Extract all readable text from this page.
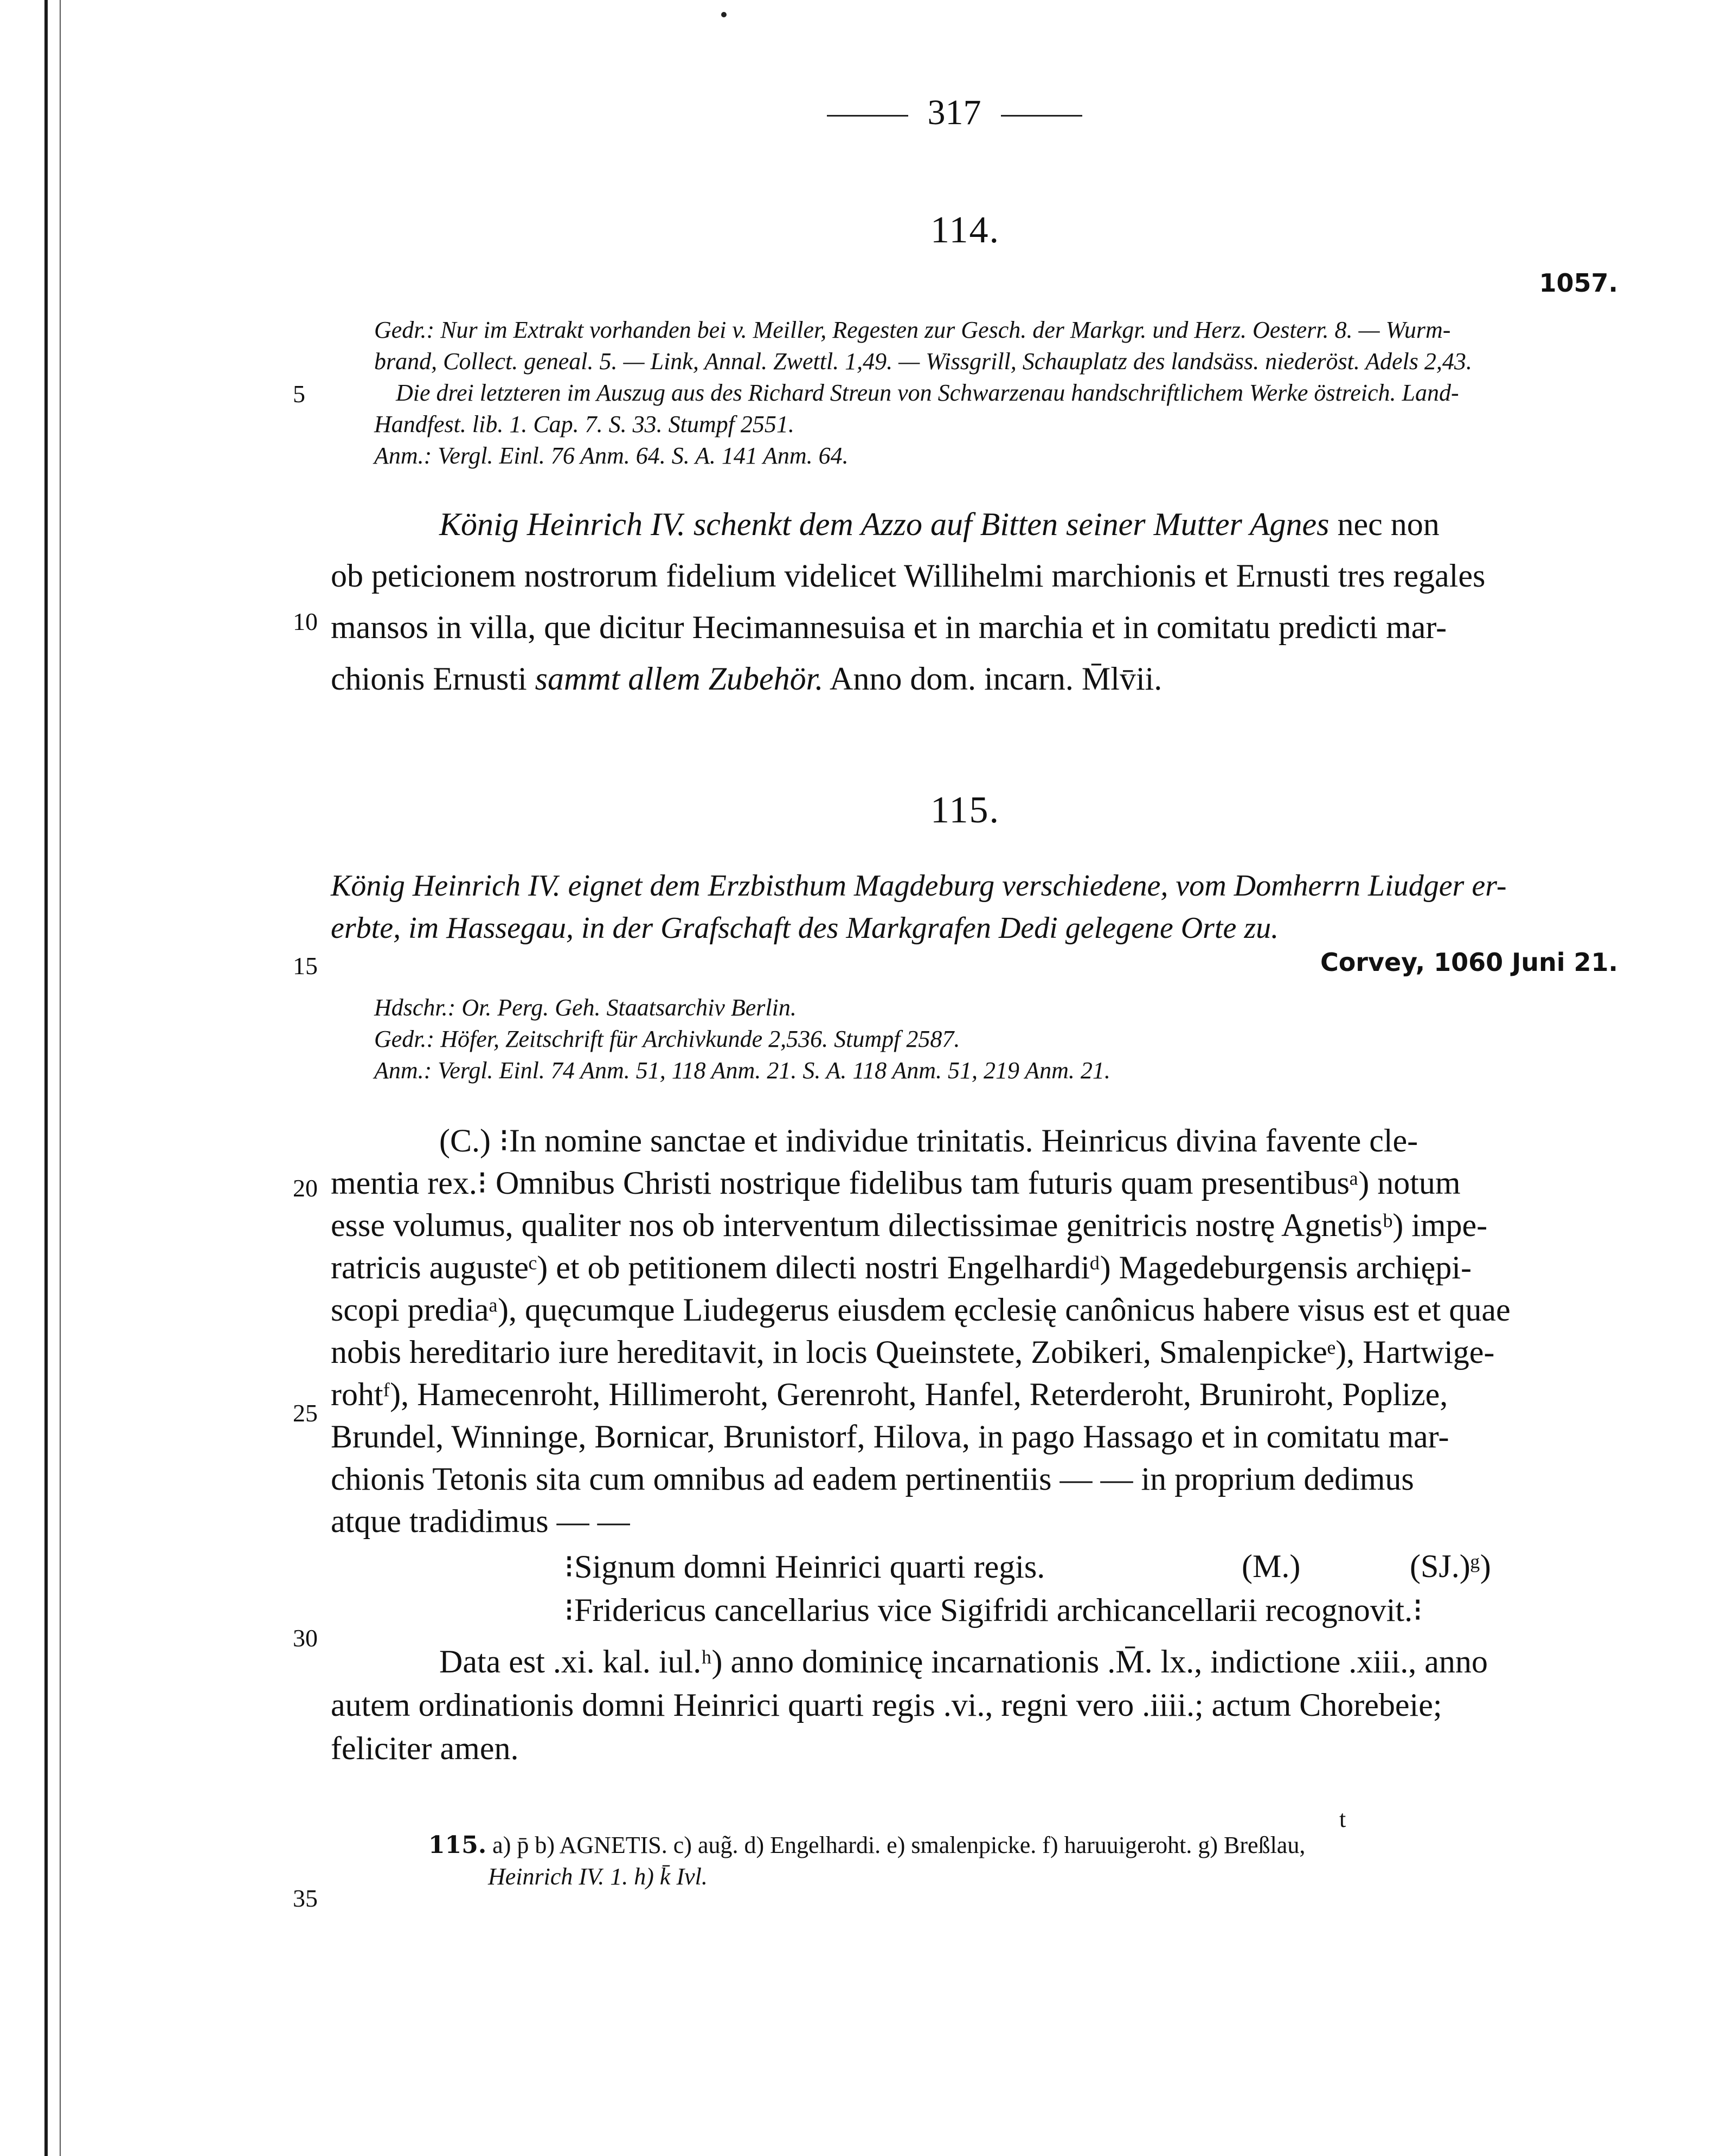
317
114.
1057.
Gedr.: Nur im Extrakt vorhanden bei v. Meiller, Regesten zur Gesch. der Markgr. und Herz. Oesterr. 8. — Wurm-
brand, Collect. geneal. 5. — Link, Annal. Zwettl. 1,49. — Wissgrill, Schauplatz des landsäss. niederöst. Adels 2,43.
Die drei letzteren im Auszug aus des Richard Streun von Schwarzenau handschriftlichem Werke östreich. Land-
Handfest. lib. 1. Cap. 7. S. 33. Stumpf 2551.
Anm.: Vergl. Einl. 76 Anm. 64. S. A. 141 Anm. 64.
König Heinrich IV. schenkt dem Azzo auf Bitten seiner Mutter Agnes nec non
ob peticionem nostrorum fidelium videlicet Willihelmi marchionis et Ernusti tres regales
mansos in villa, que dicitur Hecimannesuisa et in marchia et in comitatu predicti mar-
chionis Ernusti sammt allem Zubehör. Anno dom. incarn. M̄lv̄ii.
115.
König Heinrich IV. eignet dem Erzbisthum Magdeburg verschiedene, vom Domherrn Liudger er-
erbte, im Hassegau, in der Grafschaft des Markgrafen Dedi gelegene Orte zu.
Corvey, 1060 Juni 21.
Hdschr.: Or. Perg. Geh. Staatsarchiv Berlin.
Gedr.: Höfer, Zeitschrift für Archivkunde 2,536. Stumpf 2587.
Anm.: Vergl. Einl. 74 Anm. 51, 118 Anm. 21. S. A. 118 Anm. 51, 219 Anm. 21.
(C.) ⁝In nomine sanctae et individue trinitatis. Heinricus divina favente cle-
mentia rex.⁝ Omnibus Christi nostrique fidelibus tam futuris quam presentibusᵃ) notum
esse volumus, qualiter nos ob interventum dilectissimae genitricis nostrę Agnetisᵇ) impe-
ratricis augusteᶜ) et ob petitionem dilecti nostri Engelhardiᵈ) Magedeburgensis archiępi-
scopi prediaᵃ), quęcumque Liudegerus eiusdem ęcclesię canônicus habere visus est et quae
nobis hereditario iure hereditavit, in locis Queinstete, Zobikeri, Smalenpickeᵉ), Hartwige-
rohtᶠ), Hamecenroht, Hillimeroht, Gerenroht, Hanfel, Reterderoht, Bruniroht, Poplize,
Brundel, Winninge, Bornicar, Brunistorf, Hilova, in pago Hassago et in comitatu mar-
chionis Tetonis sita cum omnibus ad eadem pertinentiis — — in proprium dedimus
atque tradidimus — —
⁝Signum domni Heinrici quarti regis.	(M.)	(SJ.)ᵍ)
⁝Fridericus cancellarius vice Sigifridi archicancellarii recognovit.⁝
Data est .xi. kal. iul.ʰ) anno dominicę incarnationis .M̄. lx., indictione .xiii., anno
autem ordinationis domni Heinrici quarti regis .vi., regni vero .iiii.; actum Chorebeie;
feliciter amen.
t
115. a) p̄ b) AGNETIS. c) aug̃. d) Engelhardi. e) smalenpicke. f) haruuigeroht. g) Breßlau,
Heinrich IV. 1. h) k̄ Ivl.
5
10
15
20
25
30
35
